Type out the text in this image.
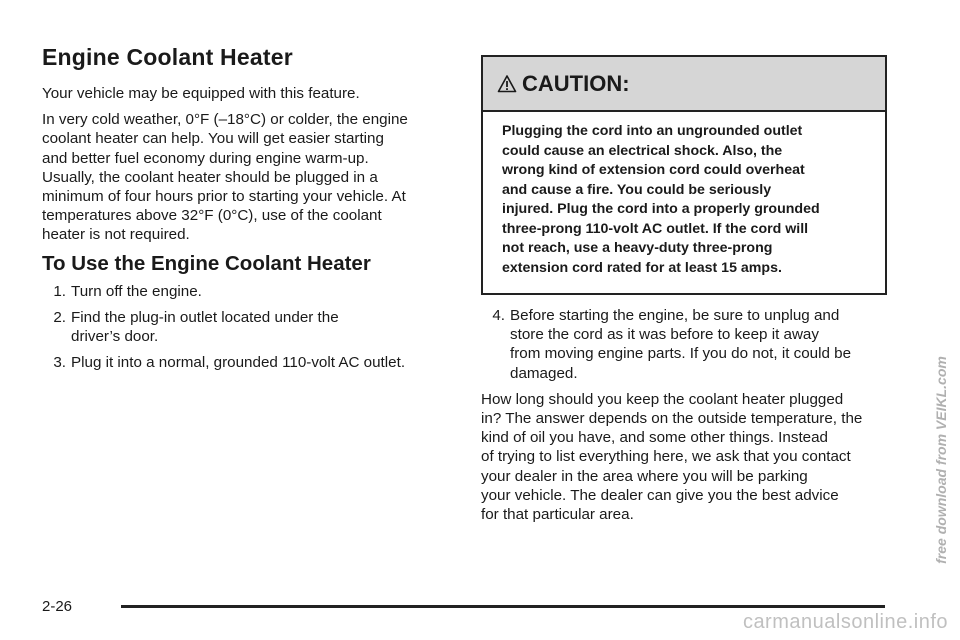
Engine Coolant Heater

Your vehicle may be equipped with this feature.

In very cold weather, 0°F (–18°C) or colder, the engine
coolant heater can help. You will get easier starting
and better fuel economy during engine warm-up.
Usually, the coolant heater should be plugged in a
minimum of four hours prior to starting your vehicle. At
temperatures above 32°F (0°C), use of the coolant
heater is not required.

To Use the Engine Coolant Heater
1. Turn off the engine.
2. Find the plug-in outlet located under the
driver’s door.
3. Plug it into a normal, grounded 110-volt AC outlet.
CAUTION:
Plugging the cord into an ungrounded outlet
could cause an electrical shock. Also, the
wrong kind of extension cord could overheat
and cause a fire. You could be seriously
injured. Plug the cord into a properly grounded
three-prong 110-volt AC outlet. If the cord will
not reach, use a heavy-duty three-prong
extension cord rated for at least 15 amps.
4. Before starting the engine, be sure to unplug and
store the cord as it was before to keep it away
from moving engine parts. If you do not, it could be
damaged.

How long should you keep the coolant heater plugged
in? The answer depends on the outside temperature, the
kind of oil you have, and some other things. Instead
of trying to list everything here, we ask that you contact
your dealer in the area where you will be parking
your vehicle. The dealer can give you the best advice
for that particular area.	free download from VEIKL.com
2-26
carmanualsonline.info
